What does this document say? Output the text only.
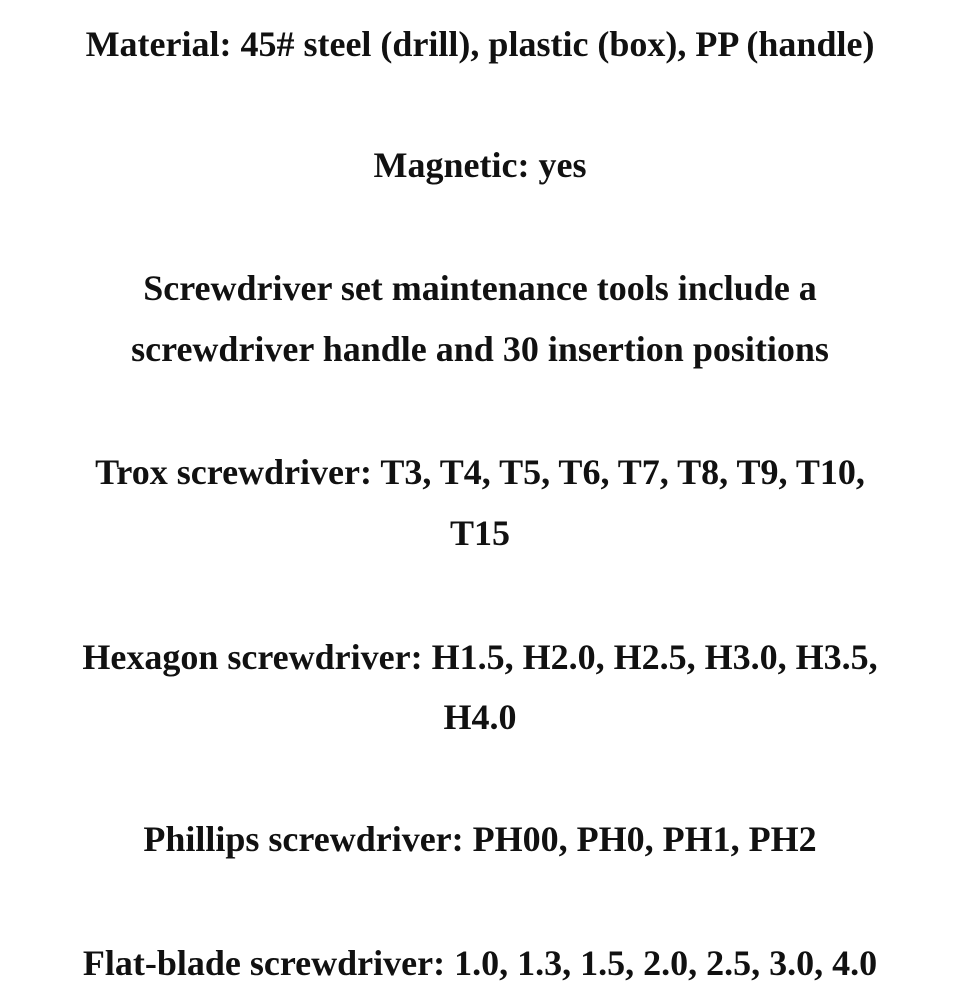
Material: 45# steel (drill), plastic (box), PP (handle)

Magnetic: yes

Screwdriver set maintenance tools include a

screwdriver handle and 30 insertion positions

Trox screwdriver: T3, T4, T5, T6, T7, T8, T9, T10,

T15

Hexagon screwdriver: H1.5, H2.0, H2.5, H3.0, H3.5,

H4.0

Phillips screwdriver: PH00, PH0, PH1, PH2

Flat-blade screwdriver: 1.0, 1.3, 1.5, 2.0, 2.5, 3.0, 4.0
